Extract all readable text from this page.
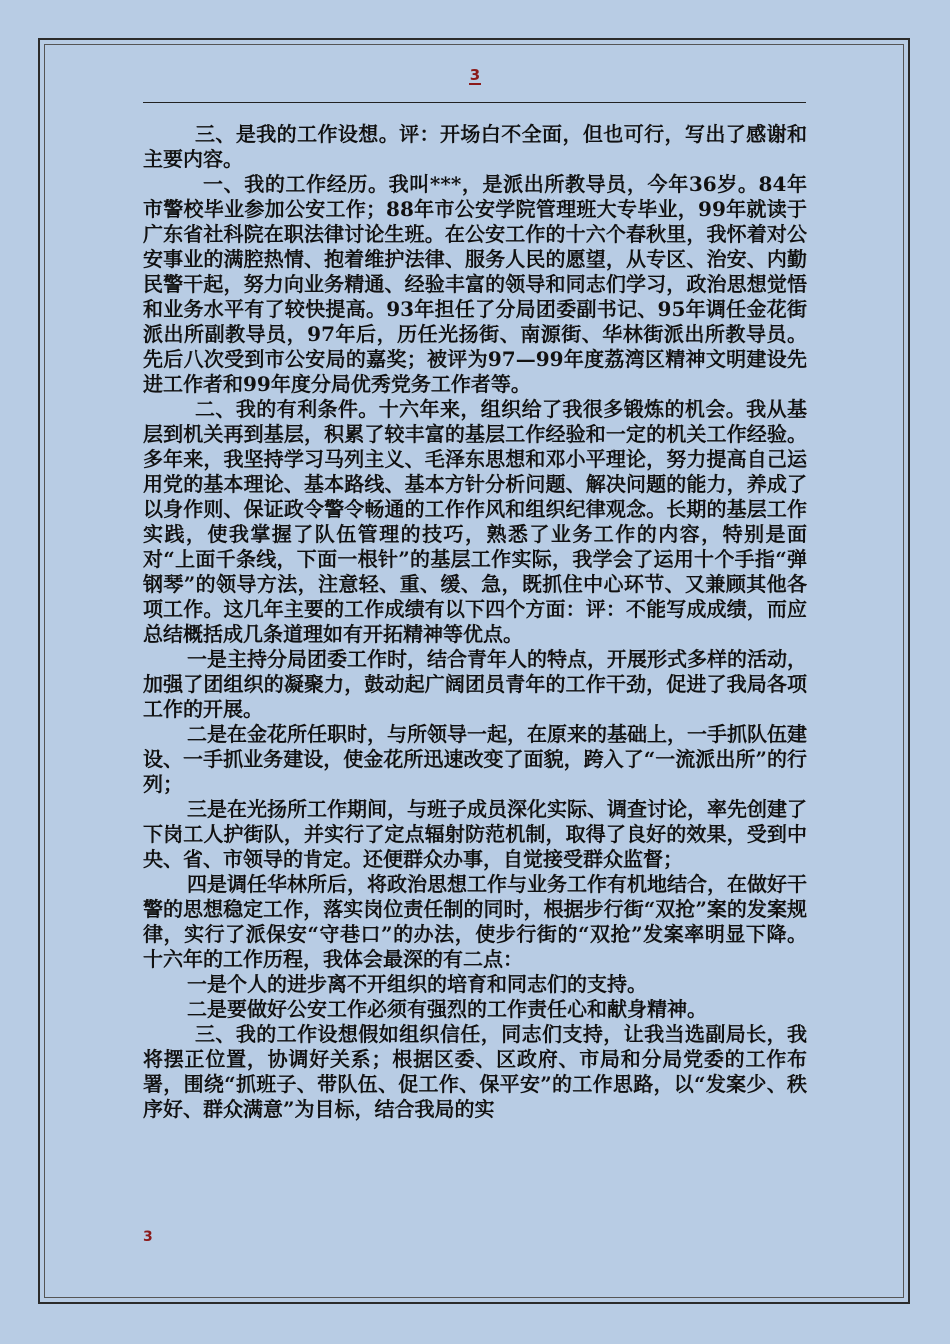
3

三、是我的工作设想。评：开场白不全面，但也可行，写出了感谢和主要内容。

一、我的工作经历。我叫***，是派出所教导员，今年36岁。84年市警校毕业参加公安工作；88年市公安学院管理班大专毕业，99年就读于广东省社科院在职法律讨论生班。在公安工作的十六个春秋里，我怀着对公安事业的满腔热情、抱着维护法律、服务人民的愿望，从专区、治安、内勤民警干起，努力向业务精通、经验丰富的领导和同志们学习，政治思想觉悟和业务水平有了较快提高。93年担任了分局团委副书记、95年调任金花街派出所副教导员，97年后，历任光扬街、南源街、华林街派出所教导员。先后八次受到市公安局的嘉奖；被评为97—99年度荔湾区精神文明建设先进工作者和99年度分局优秀党务工作者等。

二、我的有利条件。十六年来，组织给了我很多锻炼的机会。我从基层到机关再到基层，积累了较丰富的基层工作经验和一定的机关工作经验。多年来，我坚持学习马列主义、毛泽东思想和邓小平理论，努力提高自己运用党的基本理论、基本路线、基本方针分析问题、解决问题的能力，养成了以身作则、保证政令警令畅通的工作作风和组织纪律观念。长期的基层工作实践，使我掌握了队伍管理的技巧，熟悉了业务工作的内容，特别是面对“上面千条线，下面一根针”的基层工作实际，我学会了运用十个手指“弹钢琴”的领导方法，注意轻、重、缓、急，既抓住中心环节、又兼顾其他各项工作。这几年主要的工作成绩有以下四个方面：评：不能写成成绩，而应总结概括成几条道理如有开拓精神等优点。

一是主持分局团委工作时，结合青年人的特点，开展形式多样的活动，加强了团组织的凝聚力，鼓动起广阔团员青年的工作干劲，促进了我局各项工作的开展。

二是在金花所任职时，与所领导一起，在原来的基础上，一手抓队伍建设、一手抓业务建设，使金花所迅速改变了面貌，跨入了“一流派出所”的行列；

三是在光扬所工作期间，与班子成员深化实际、调查讨论，率先创建了下岗工人护街队，并实行了定点辐射防范机制，取得了良好的效果，受到中央、省、市领导的肯定。还便群众办事，自觉接受群众监督；

四是调任华林所后，将政治思想工作与业务工作有机地结合，在做好干警的思想稳定工作，落实岗位责任制的同时，根据步行街“双抢”案的发案规律，实行了派保安“守巷口”的办法，使步行街的“双抢”发案率明显下降。十六年的工作历程，我体会最深的有二点：

一是个人的进步离不开组织的培育和同志们的支持。

二是要做好公安工作必须有强烈的工作责任心和献身精神。

三、我的工作设想假如组织信任，同志们支持，让我当选副局长，我将摆正位置，协调好关系；根据区委、区政府、市局和分局党委的工作布署，围绕“抓班子、带队伍、促工作、保平安”的工作思路，以“发案少、秩序好、群众满意”为目标，结合我局的实

3
